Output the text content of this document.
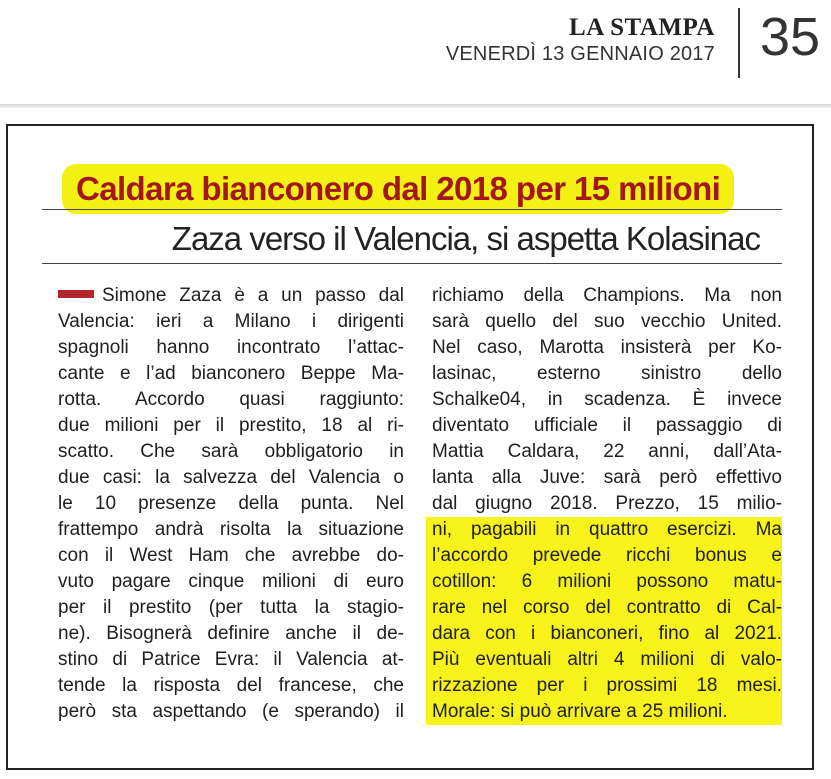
LA STAMPA
VENERDÌ 13 GENNAIO 2017 35
Caldara bianconero dal 2018 per 15 milioni
Zaza verso il Valencia, si aspetta Kolasinac
Simone Zaza è a un passo dal
Valencia: ieri a Milano i dirigenti
spagnoli hanno incontrato l’attac-
cante e l’ad bianconero Beppe Ma-
rotta. Accordo quasi raggiunto:
due milioni per il prestito, 18 al ri-
scatto. Che sarà obbligatorio in
due casi: la salvezza del Valencia o
le 10 presenze della punta. Nel
frattempo andrà risolta la situazione
con il West Ham che avrebbe do-
vuto pagare cinque milioni di euro
per il prestito (per tutta la stagio-
ne). Bisognerà definire anche il de-
stino di Patrice Evra: il Valencia at-
tende la risposta del francese, che
però sta aspettando (e sperando) il
richiamo della Champions. Ma non
sarà quello del suo vecchio United.
Nel caso, Marotta insisterà per Ko-
lasinac, esterno sinistro dello
Schalke04, in scadenza. È invece
diventato ufficiale il passaggio di
Mattia Caldara, 22 anni, dall’Ata-
lanta alla Juve: sarà però effettivo
dal giugno 2018. Prezzo, 15 milio-
ni, pagabili in quattro esercizi. Ma
l’accordo prevede ricchi bonus e
cotillon: 6 milioni possono matu-
rare nel corso del contratto di Cal-
dara con i bianconeri, fino al 2021.
Più eventuali altri 4 milioni di valo-
rizzazione per i prossimi 18 mesi.
Morale: si può arrivare a 25 milioni.
